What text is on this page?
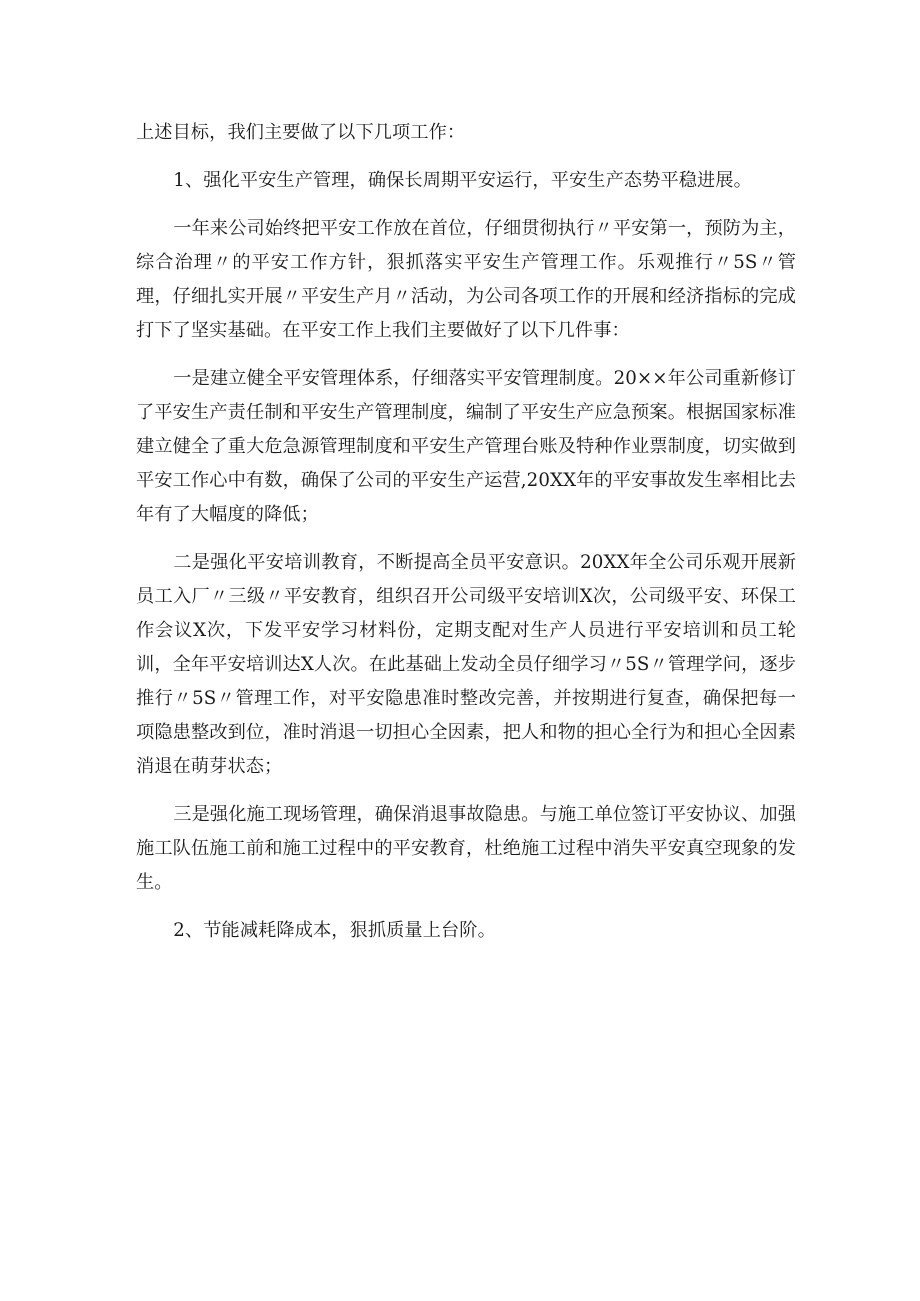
上述目标，我们主要做了以下几项工作：

1、强化平安生产管理，确保长周期平安运行，平安生产态势平稳进展。

一年来公司始终把平安工作放在首位，仔细贯彻执行〃平安第一，预防为主，综合治理〃的平安工作方针，狠抓落实平安生产管理工作。乐观推行〃5S〃管理，仔细扎实开展〃平安生产月〃活动，为公司各项工作的开展和经济指标的完成打下了坚实基础。在平安工作上我们主要做好了以下几件事：

一是建立健全平安管理体系，仔细落实平安管理制度。20××年公司重新修订了平安生产责任制和平安生产管理制度，编制了平安生产应急预案。根据国家标准建立健全了重大危急源管理制度和平安生产管理台账及特种作业票制度，切实做到平安工作心中有数，确保了公司的平安生产运营,20XX年的平安事故发生率相比去年有了大幅度的降低；

二是强化平安培训教育，不断提高全员平安意识。20XX年全公司乐观开展新员工入厂〃三级〃平安教育，组织召开公司级平安培训X次，公司级平安、环保工作会议X次，下发平安学习材料份，定期支配对生产人员进行平安培训和员工轮训，全年平安培训达X人次。在此基础上发动全员仔细学习〃5S〃管理学问，逐步推行〃5S〃管理工作，对平安隐患准时整改完善，并按期进行复查，确保把每一项隐患整改到位，准时消退一切担心全因素，把人和物的担心全行为和担心全因素消退在萌芽状态；

三是强化施工现场管理，确保消退事故隐患。与施工单位签订平安协议、加强施工队伍施工前和施工过程中的平安教育，杜绝施工过程中消失平安真空现象的发生。

2、节能减耗降成本，狠抓质量上台阶。
